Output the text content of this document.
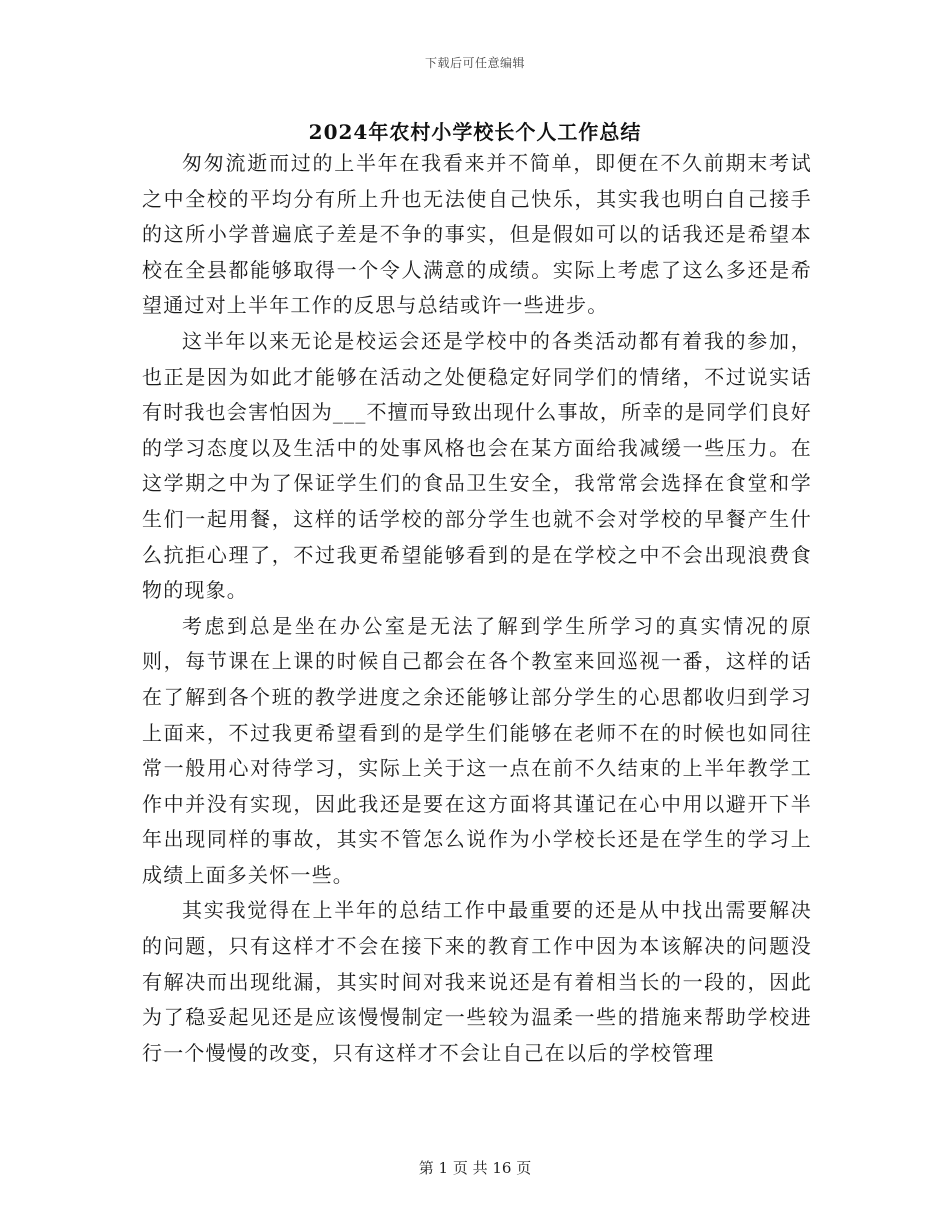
下载后可任意编辑
2024年农村小学校长个人工作总结

匆匆流逝而过的上半年在我看来并不简单，即便在不久前期末考试之中全校的平均分有所上升也无法使自己快乐，其实我也明白自己接手的这所小学普遍底子差是不争的事实，但是假如可以的话我还是希望本校在全县都能够取得一个令人满意的成绩。实际上考虑了这么多还是希望通过对上半年工作的反思与总结或许一些进步。

这半年以来无论是校运会还是学校中的各类活动都有着我的参加，也正是因为如此才能够在活动之处便稳定好同学们的情绪，不过说实话有时我也会害怕因为___不擅而导致出现什么事故，所幸的是同学们良好的学习态度以及生活中的处事风格也会在某方面给我减缓一些压力。在这学期之中为了保证学生们的食品卫生安全，我常常会选择在食堂和学生们一起用餐，这样的话学校的部分学生也就不会对学校的早餐产生什么抗拒心理了，不过我更希望能够看到的是在学校之中不会出现浪费食物的现象。

考虑到总是坐在办公室是无法了解到学生所学习的真实情况的原则，每节课在上课的时候自己都会在各个教室来回巡视一番，这样的话在了解到各个班的教学进度之余还能够让部分学生的心思都收归到学习上面来，不过我更希望看到的是学生们能够在老师不在的时候也如同往常一般用心对待学习，实际上关于这一点在前不久结束的上半年教学工作中并没有实现，因此我还是要在这方面将其谨记在心中用以避开下半年出现同样的事故，其实不管怎么说作为小学校长还是在学生的学习上成绩上面多关怀一些。

其实我觉得在上半年的总结工作中最重要的还是从中找出需要解决的问题，只有这样才不会在接下来的教育工作中因为本该解决的问题没有解决而出现纰漏，其实时间对我来说还是有着相当长的一段的，因此为了稳妥起见还是应该慢慢制定一些较为温柔一些的措施来帮助学校进行一个慢慢的改变，只有这样才不会让自己在以后的学校管理

第 1 页 共 16 页
